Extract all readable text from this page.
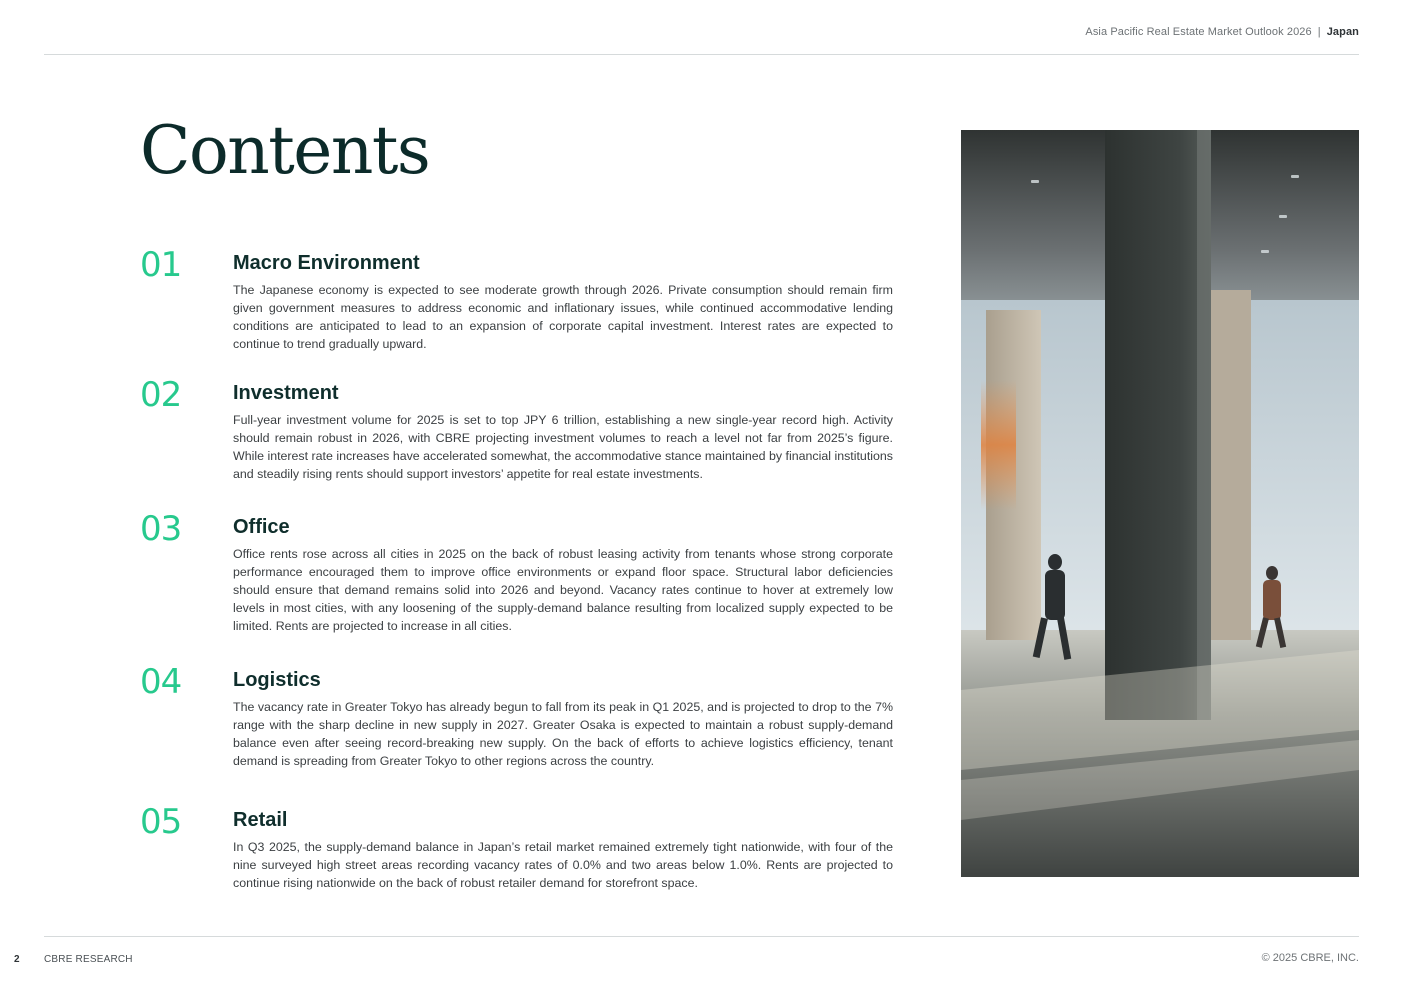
Asia Pacific Real Estate Market Outlook 2026 | Japan
Contents
01	Macro Environment

The Japanese economy is expected to see moderate growth through 2026. Private consumption should remain firm given government measures to address economic and inflationary issues, while continued accommodative lending conditions are anticipated to lead to an expansion of corporate capital investment. Interest rates are expected to continue to trend gradually upward.

02	Investment

Full-year investment volume for 2025 is set to top JPY 6 trillion, establishing a new single-year record high. Activity should remain robust in 2026, with CBRE projecting investment volumes to reach a level not far from 2025’s figure. While interest rate increases have accelerated somewhat, the accommodative stance maintained by financial institutions and steadily rising rents should support investors’ appetite for real estate investments.

03	Office

Office rents rose across all cities in 2025 on the back of robust leasing activity from tenants whose strong corporate performance encouraged them to improve office environments or expand floor space. Structural labor deficiencies should ensure that demand remains solid into 2026 and beyond. Vacancy rates continue to hover at extremely low levels in most cities, with any loosening of the supply-demand balance resulting from localized supply expected to be limited. Rents are projected to increase in all cities.

04	Logistics

The vacancy rate in Greater Tokyo has already begun to fall from its peak in Q1 2025, and is projected to drop to the 7% range with the sharp decline in new supply in 2027. Greater Osaka is expected to maintain a robust supply-demand balance even after seeing record-breaking new supply. On the back of efforts to achieve logistics efficiency, tenant demand is spreading from Greater Tokyo to other regions across the country.

05	Retail

In Q3 2025, the supply-demand balance in Japan’s retail market remained extremely tight nationwide, with four of the nine surveyed high street areas recording vacancy rates of 0.0% and two areas below 1.0%. Rents are projected to continue rising nationwide on the back of robust retailer demand for storefront space.

2 CBRE RESEARCH	© 2025 CBRE, INC.
